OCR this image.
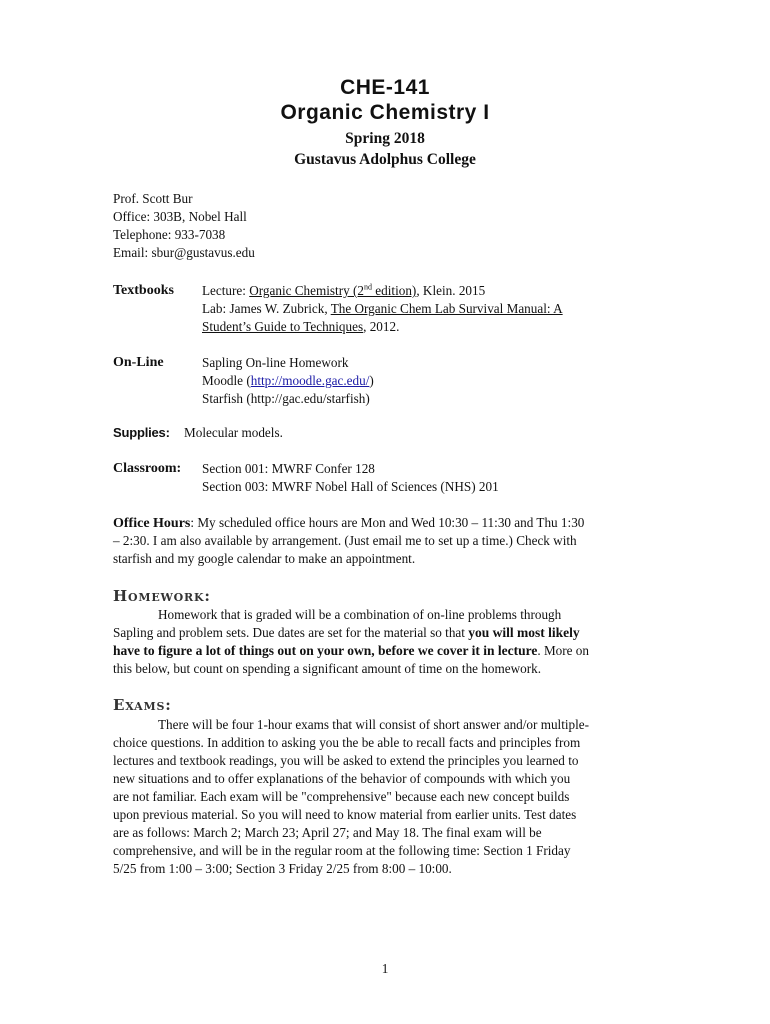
CHE-141
Organic Chemistry I
Spring 2018
Gustavus Adolphus College
Prof. Scott Bur
Office: 303B, Nobel Hall
Telephone: 933-7038
Email: sbur@gustavus.edu
Textbooks Lecture: Organic Chemistry (2nd edition), Klein. 2015
Lab: James W. Zubrick, The Organic Chem Lab Survival Manual: A
Student’s Guide to Techniques, 2012.
On-Line	Sapling On-line Homework
Moodle (http://moodle.gac.edu/)
Starfish (http://gac.edu/starfish)
Supplies: Molecular models.
Classroom: Section 001: MWRF Confer 128
Section 003: MWRF Nobel Hall of Sciences (NHS) 201
Office Hours: My scheduled office hours are Mon and Wed 10:30 – 11:30 and Thu 1:30
– 2:30. I am also available by arrangement. (Just email me to set up a time.) Check with
starfish and my google calendar to make an appointment.
Homework:
Homework that is graded will be a combination of on-line problems through
Sapling and problem sets. Due dates are set for the material so that you will most likely
have to figure a lot of things out on your own, before we cover it in lecture. More on
this below, but count on spending a significant amount of time on the homework.
Exams:
There will be four 1-hour exams that will consist of short answer and/or multiple-
choice questions. In addition to asking you the be able to recall facts and principles from
lectures and textbook readings, you will be asked to extend the principles you learned to
new situations and to offer explanations of the behavior of compounds with which you
are not familiar. Each exam will be "comprehensive" because each new concept builds
upon previous material. So you will need to know material from earlier units. Test dates
are as follows: March 2; March 23; April 27; and May 18. The final exam will be
comprehensive, and will be in the regular room at the following time: Section 1 Friday
5/25 from 1:00 – 3:00; Section 3 Friday 2/25 from 8:00 – 10:00.
1
